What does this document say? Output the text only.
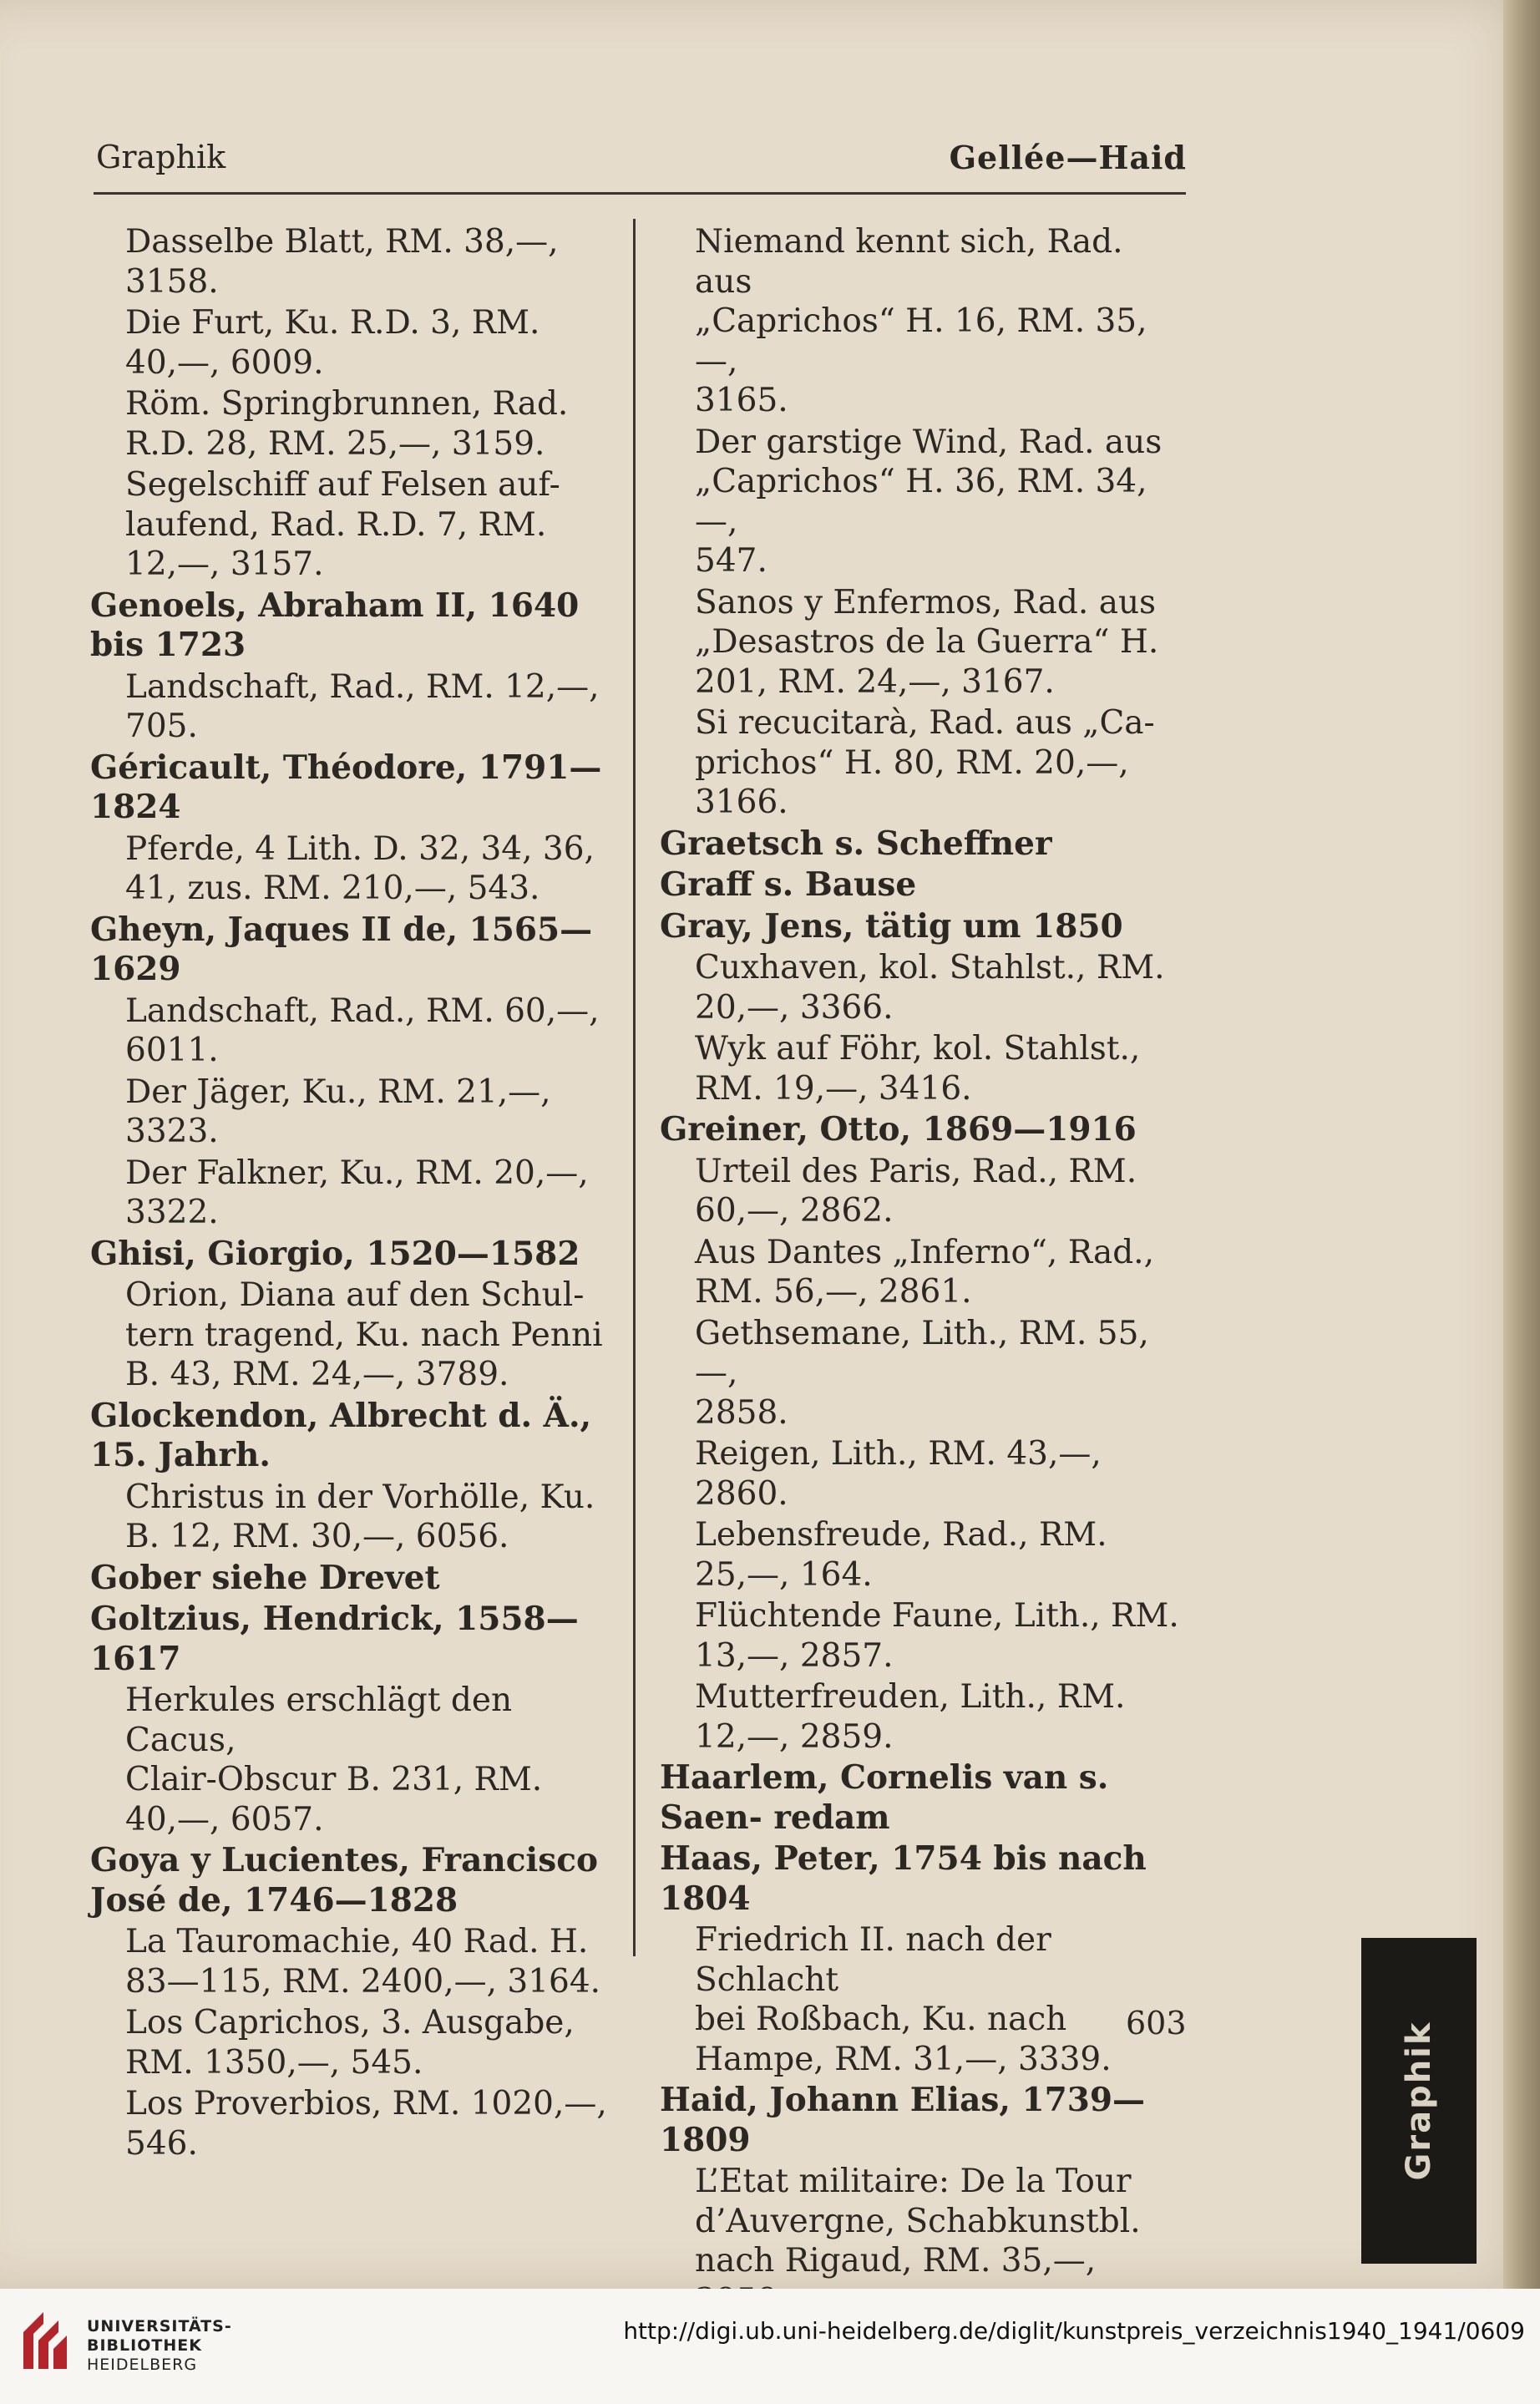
Graphik	Gellée—Haid
Dasselbe Blatt, RM. 38,—,
3158.
Die Furt, Ku. R.D. 3, RM.
40,—, 6009.
Röm. Springbrunnen, Rad.
R.D. 28, RM. 25,—, 3159.
Segelschiff auf Felsen auf-
laufend, Rad. R.D. 7, RM.
12,—, 3157.
Genoels, Abraham II, 1640 bis 1723
Landschaft, Rad., RM. 12,—,
705.
Géricault, Théodore, 1791—1824
Pferde, 4 Lith. D. 32, 34, 36,
41, zus. RM. 210,—, 543.
Gheyn, Jaques II de, 1565—1629
Landschaft, Rad., RM. 60,—,
6011.
Der Jäger, Ku., RM. 21,—,
3323.
Der Falkner, Ku., RM. 20,—,
3322.
Ghisi, Giorgio, 1520—1582
Orion, Diana auf den Schul-
tern tragend, Ku. nach Penni
B. 43, RM. 24,—, 3789.
Glockendon, Albrecht d. Ä., 15. Jahrh.
Christus in der Vorhölle, Ku.
B. 12, RM. 30,—, 6056.
Gober siehe Drevet
Goltzius, Hendrick, 1558—1617
Herkules erschlägt den Cacus,
Clair-Obscur B. 231, RM.
40,—, 6057.
Goya y Lucientes, Francisco José de, 1746—1828
La Tauromachie, 40 Rad. H.
83—115, RM. 2400,—, 3164.
Los Caprichos, 3. Ausgabe,
RM. 1350,—, 545.
Los Proverbios, RM. 1020,—,
546.
Niemand kennt sich, Rad. aus
„Caprichos“ H. 16, RM. 35,—,
3165.
Der garstige Wind, Rad. aus
„Caprichos“ H. 36, RM. 34,—,
547.
Sanos y Enfermos, Rad. aus
„Desastros de la Guerra“ H.
201, RM. 24,—, 3167.
Si recucitarà, Rad. aus „Ca-
prichos“ H. 80, RM. 20,—,
3166.
Graetsch s. Scheffner
Graff s. Bause
Gray, Jens, tätig um 1850
Cuxhaven, kol. Stahlst., RM.
20,—, 3366.
Wyk auf Föhr, kol. Stahlst.,
RM. 19,—, 3416.
Greiner, Otto, 1869—1916
Urteil des Paris, Rad., RM.
60,—, 2862.
Aus Dantes „Inferno“, Rad.,
RM. 56,—, 2861.
Gethsemane, Lith., RM. 55,—,
2858.
Reigen, Lith., RM. 43,—, 2860.
Lebensfreude, Rad., RM.
25,—, 164.
Flüchtende Faune, Lith., RM.
13,—, 2857.
Mutterfreuden, Lith., RM.
12,—, 2859.
Haarlem, Cornelis van s. Saen- redam
Haas, Peter, 1754 bis nach 1804
Friedrich II. nach der Schlacht
bei Roßbach, Ku. nach
Hampe, RM. 31,—, 3339.
Haid, Johann Elias, 1739—1809
L’Etat militaire: De la Tour
d’Auvergne, Schabkunstbl.
nach Rigaud, RM. 35,—,
603	Graphik
UNIVERSITÄTS-
BIBLIOTHEK
HEIDELBERG
http://digi.ub.uni-heidelberg.de/diglit/kunstpreis_verzeichnis1940_1941/0609
